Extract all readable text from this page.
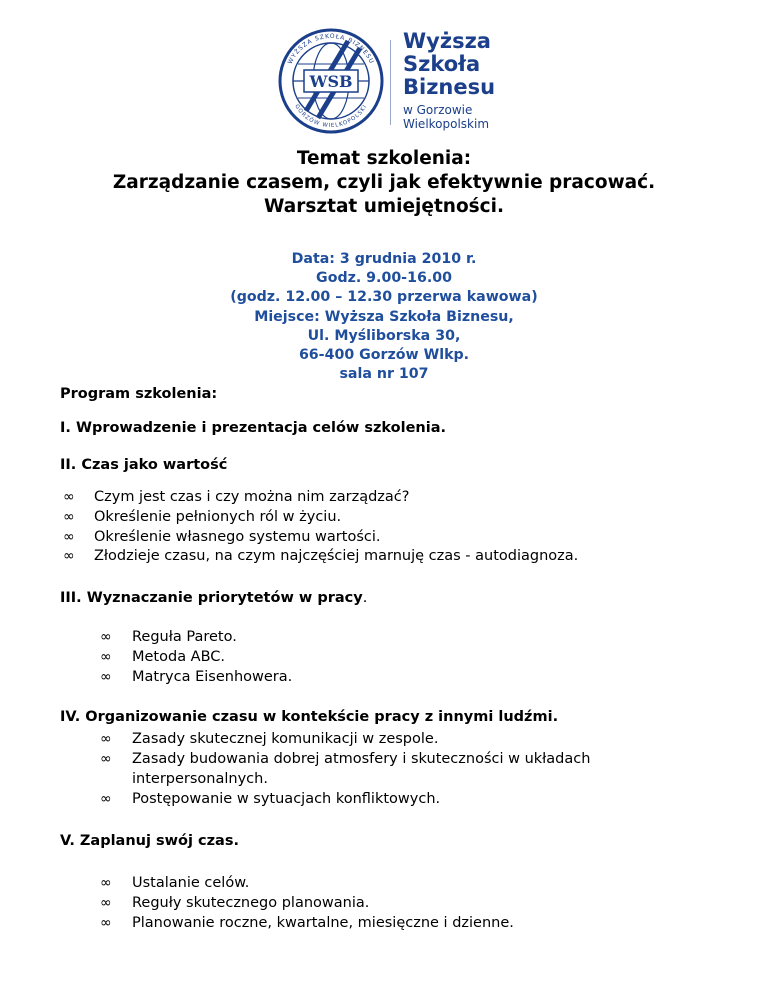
WSB
WYŻSZA SZKOŁA BIZNESU
GORZÓW WIELKOPOLSKI
Wyższa
Szkoła
Biznesu
w Gorzowie
Wielkopolskim
Temat szkolenia:
Zarządzanie czasem, czyli jak efektywnie pracować.
Warsztat umiejętności.
Data: 3 grudnia 2010 r.
Godz. 9.00-16.00
(godz. 12.00 – 12.30 przerwa kawowa)
Miejsce: Wyższa Szkoła Biznesu,
Ul. Myśliborska 30,
66-400 Gorzów Wlkp.
sala nr 107
Program szkolenia:
I. Wprowadzenie i prezentacja celów szkolenia.
II. Czas jako wartość
∞ Czym jest czas i czy można nim zarządzać?
∞ Określenie pełnionych ról w życiu.
∞ Określenie własnego systemu wartości.
∞ Złodzieje czasu, na czym najczęściej marnuję czas - autodiagnoza.
III. Wyznaczanie priorytetów w pracy.
∞ Reguła Pareto.
∞ Metoda ABC.
∞ Matryca Eisenhowera.
IV. Organizowanie czasu w kontekście pracy z innymi ludźmi.
∞ Zasady skutecznej komunikacji w zespole.
∞ Zasady budowania dobrej atmosfery i skuteczności w układach
interpersonalnych.
∞ Postępowanie w sytuacjach konfliktowych.
V. Zaplanuj swój czas.
∞ Ustalanie celów.
∞ Reguły skutecznego planowania.
∞ Planowanie roczne, kwartalne, miesięczne i dzienne.
